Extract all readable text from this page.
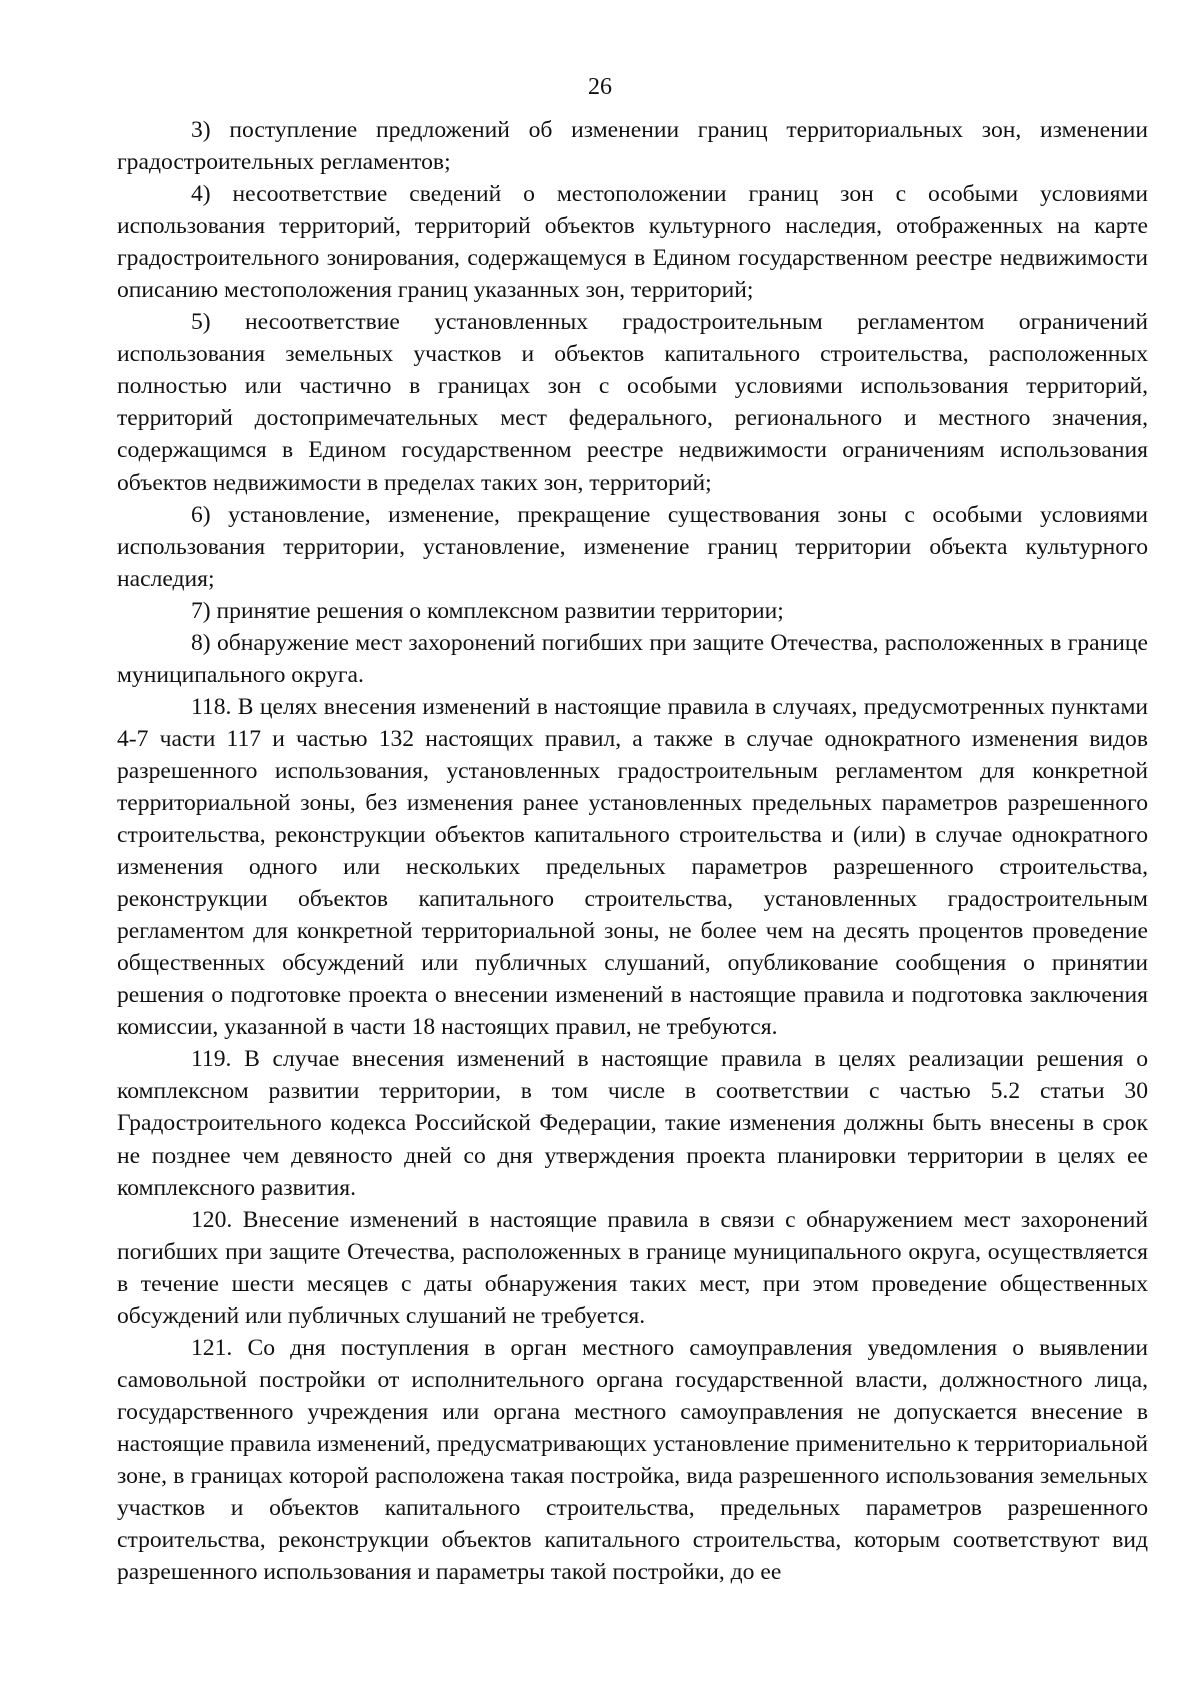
26

3) поступление предложений об изменении границ территориальных зон, изменении градостроительных регламентов;

4) несоответствие сведений о местоположении границ зон с особыми условиями использования территорий, территорий объектов культурного наследия, отображенных на карте градостроительного зонирования, содержащемуся в Едином государственном реестре недвижимости описанию местоположения границ указанных зон, территорий;

5) несоответствие установленных градостроительным регламентом ограничений использования земельных участков и объектов капитального строительства, расположенных полностью или частично в границах зон с особыми условиями использования территорий, территорий достопримечательных мест федерального, регионального и местного значения, содержащимся в Едином государственном реестре недвижимости ограничениям использования объектов недвижимости в пределах таких зон, территорий;

6) установление, изменение, прекращение существования зоны с особыми условиями использования территории, установление, изменение границ территории объекта культурного наследия;

7) принятие решения о комплексном развитии территории;

8) обнаружение мест захоронений погибших при защите Отечества, расположенных в границе муниципального округа.

118. В целях внесения изменений в настоящие правила в случаях, предусмотренных пунктами 4-7 части 117 и частью 132 настоящих правил, а также в случае однократного изменения видов разрешенного использования, установленных градостроительным регламентом для конкретной территориальной зоны, без изменения ранее установленных предельных параметров разрешенного строительства, реконструкции объектов капитального строительства и (или) в случае однократного изменения одного или нескольких предельных параметров разрешенного строительства, реконструкции объектов капитального строительства, установленных градостроительным регламентом для конкретной территориальной зоны, не более чем на десять процентов проведение общественных обсуждений или публичных слушаний, опубликование сообщения о принятии решения о подготовке проекта о внесении изменений в настоящие правила и подготовка заключения комиссии, указанной в части 18 настоящих правил, не требуются.

119. В случае внесения изменений в настоящие правила в целях реализации решения о комплексном развитии территории, в том числе в соответствии с частью 5.2 статьи 30 Градостроительного кодекса Российской Федерации, такие изменения должны быть внесены в срок не позднее чем девяносто дней со дня утверждения проекта планировки территории в целях ее комплексного развития.

120. Внесение изменений в настоящие правила в связи с обнаружением мест захоронений погибших при защите Отечества, расположенных в границе муниципального округа, осуществляется в течение шести месяцев с даты обнаружения таких мест, при этом проведение общественных обсуждений или публичных слушаний не требуется.

121. Со дня поступления в орган местного самоуправления уведомления о выявлении самовольной постройки от исполнительного органа государственной власти, должностного лица, государственного учреждения или органа местного самоуправления не допускается внесение в настоящие правила изменений, предусматривающих установление применительно к территориальной зоне, в границах которой расположена такая постройка, вида разрешенного использования земельных участков и объектов капитального строительства, предельных параметров разрешенного строительства, реконструкции объектов капитального строительства, которым соответствуют вид разрешенного использования и параметры такой постройки, до ее
